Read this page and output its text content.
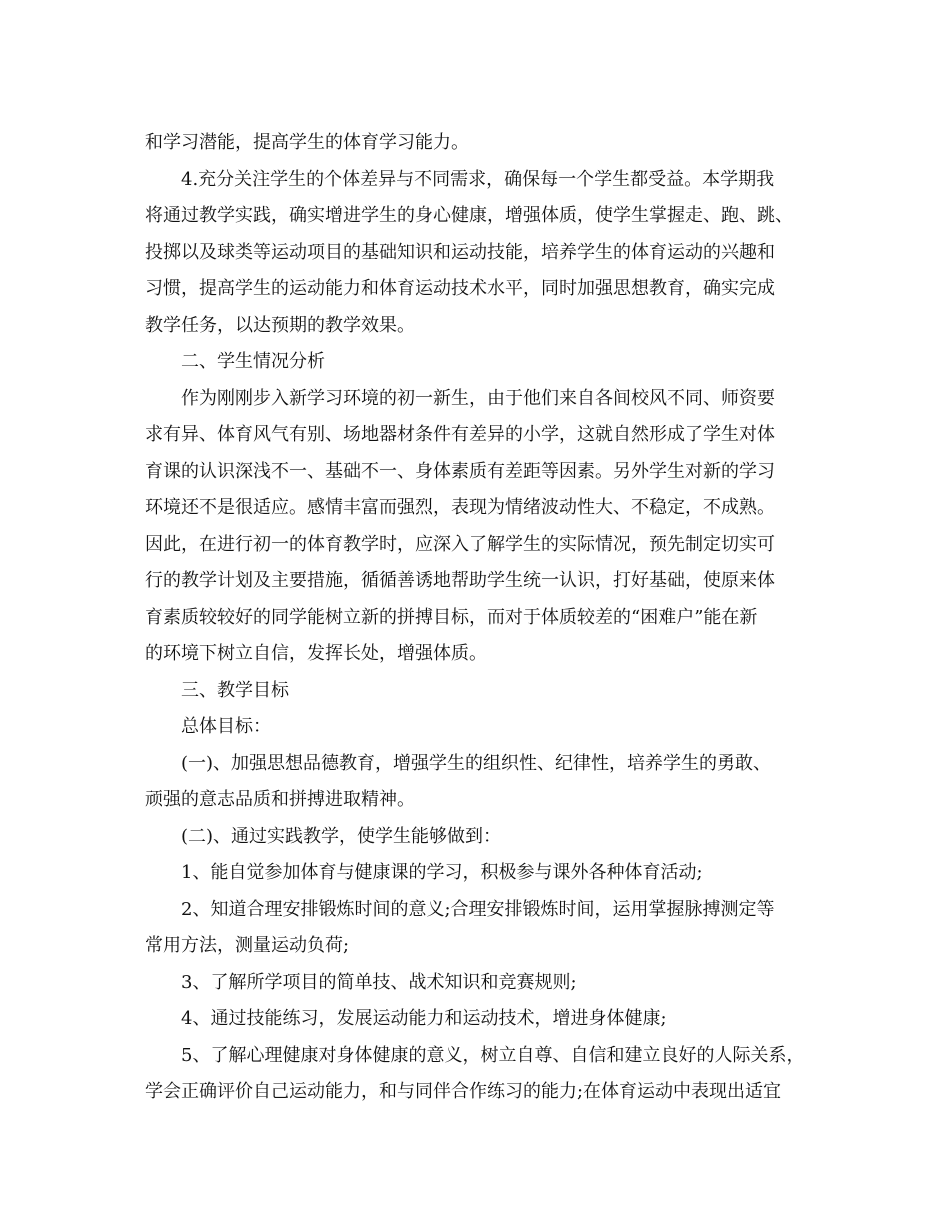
和学习潜能，提高学生的体育学习能力。
4.充分关注学生的个体差异与不同需求，确保每一个学生都受益。本学期我
将通过教学实践，确实增进学生的身心健康，增强体质，使学生掌握走、跑、跳、
投掷以及球类等运动项目的基础知识和运动技能，培养学生的体育运动的兴趣和
习惯，提高学生的运动能力和体育运动技术水平，同时加强思想教育，确实完成
教学任务，以达预期的教学效果。
二、学生情况分析
作为刚刚步入新学习环境的初一新生，由于他们来自各间校风不同、师资要
求有异、体育风气有别、场地器材条件有差异的小学，这就自然形成了学生对体
育课的认识深浅不一、基础不一、身体素质有差距等因素。另外学生对新的学习
环境还不是很适应。感情丰富而强烈，表现为情绪波动性大、不稳定，不成熟。
因此，在进行初一的体育教学时，应深入了解学生的实际情况，预先制定切实可
行的教学计划及主要措施，循循善诱地帮助学生统一认识，打好基础，使原来体
育素质较较好的同学能树立新的拼搏目标，而对于体质较差的“困难户”能在新
的环境下树立自信，发挥长处，增强体质。
三、教学目标
总体目标：
(一)、加强思想品德教育，增强学生的组织性、纪律性，培养学生的勇敢、
顽强的意志品质和拼搏进取精神。
(二)、通过实践教学，使学生能够做到：
1、能自觉参加体育与健康课的学习，积极参与课外各种体育活动;
2、知道合理安排锻炼时间的意义;合理安排锻炼时间，运用掌握脉搏测定等
常用方法，测量运动负荷;
3、了解所学项目的简单技、战术知识和竞赛规则;
4、通过技能练习，发展运动能力和运动技术，增进身体健康;
5、了解心理健康对身体健康的意义，树立自尊、自信和建立良好的人际关系，
学会正确评价自己运动能力，和与同伴合作练习的能力;在体育运动中表现出适宜
